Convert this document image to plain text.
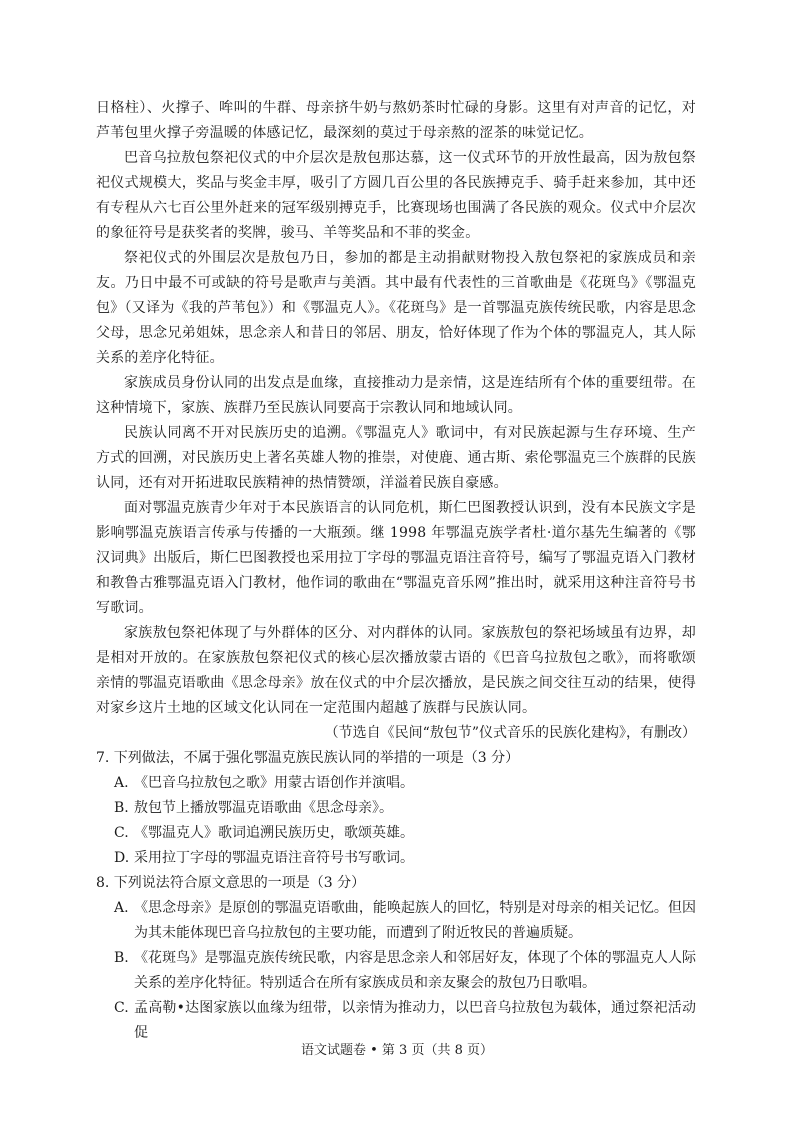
日格柱）、火撑子、哞叫的牛群、母亲挤牛奶与熬奶茶时忙碌的身影。这里有对声音的记忆，对芦苇包里火撑子旁温暖的体感记忆，最深刻的莫过于母亲熬的涩茶的味觉记忆。

巴音乌拉敖包祭祀仪式的中介层次是敖包那达慕，这一仪式环节的开放性最高，因为敖包祭祀仪式规模大，奖品与奖金丰厚，吸引了方圆几百公里的各民族搏克手、骑手赶来参加，其中还有专程从六七百公里外赶来的冠军级别搏克手，比赛现场也围满了各民族的观众。仪式中介层次的象征符号是获奖者的奖牌，骏马、羊等奖品和不菲的奖金。

祭祀仪式的外围层次是敖包乃日，参加的都是主动捐献财物投入敖包祭祀的家族成员和亲友。乃日中最不可或缺的符号是歌声与美酒。其中最有代表性的三首歌曲是《花斑鸟》《鄂温克包》（又译为《我的芦苇包》）和《鄂温克人》。《花斑鸟》是一首鄂温克族传统民歌，内容是思念父母，思念兄弟姐妹，思念亲人和昔日的邻居、朋友，恰好体现了作为个体的鄂温克人，其人际关系的差序化特征。

家族成员身份认同的出发点是血缘，直接推动力是亲情，这是连结所有个体的重要纽带。在这种情境下，家族、族群乃至民族认同要高于宗教认同和地域认同。

民族认同离不开对民族历史的追溯。《鄂温克人》歌词中，有对民族起源与生存环境、生产方式的回溯，对民族历史上著名英雄人物的推崇，对使鹿、通古斯、索伦鄂温克三个族群的民族认同，还有对开拓进取民族精神的热情赞颂，洋溢着民族自豪感。

面对鄂温克族青少年对于本民族语言的认同危机，斯仁巴图教授认识到，没有本民族文字是影响鄂温克族语言传承与传播的一大瓶颈。继 1998 年鄂温克族学者杜·道尔基先生编著的《鄂汉词典》出版后，斯仁巴图教授也采用拉丁字母的鄂温克语注音符号，编写了鄂温克语入门教材和教鲁古雅鄂温克语入门教材，他作词的歌曲在“鄂温克音乐网”推出时，就采用这种注音符号书写歌词。

家族敖包祭祀体现了与外群体的区分、对内群体的认同。家族敖包的祭祀场域虽有边界，却是相对开放的。在家族敖包祭祀仪式的核心层次播放蒙古语的《巴音乌拉敖包之歌》，而将歌颂亲情的鄂温克语歌曲《思念母亲》放在仪式的中介层次播放，是民族之间交往互动的结果，使得对家乡这片土地的区域文化认同在一定范围内超越了族群与民族认同。

（节选自《民间“敖包节”仪式音乐的民族化建构》，有删改）

7. 下列做法，不属于强化鄂温克族民族认同的举措的一项是（3 分）

A. 《巴音乌拉敖包之歌》用蒙古语创作并演唱。
B. 敖包节上播放鄂温克语歌曲《思念母亲》。
C. 《鄂温克人》歌词追溯民族历史，歌颂英雄。
D. 采用拉丁字母的鄂温克语注音符号书写歌词。

8. 下列说法符合原文意思的一项是（3 分）

A. 《思念母亲》是原创的鄂温克语歌曲，能唤起族人的回忆，特别是对母亲的相关记忆。但因为其未能体现巴音乌拉敖包的主要功能，而遭到了附近牧民的普遍质疑。
B. 《花斑鸟》是鄂温克族传统民歌，内容是思念亲人和邻居好友，体现了个体的鄂温克人人际关系的差序化特征。特别适合在所有家族成员和亲友聚会的敖包乃日歌唱。
C. 孟高勒•达图家族以血缘为纽带，以亲情为推动力，以巴音乌拉敖包为载体，通过祭祀活动促
语文试题卷 • 第 3 页（共 8 页）
